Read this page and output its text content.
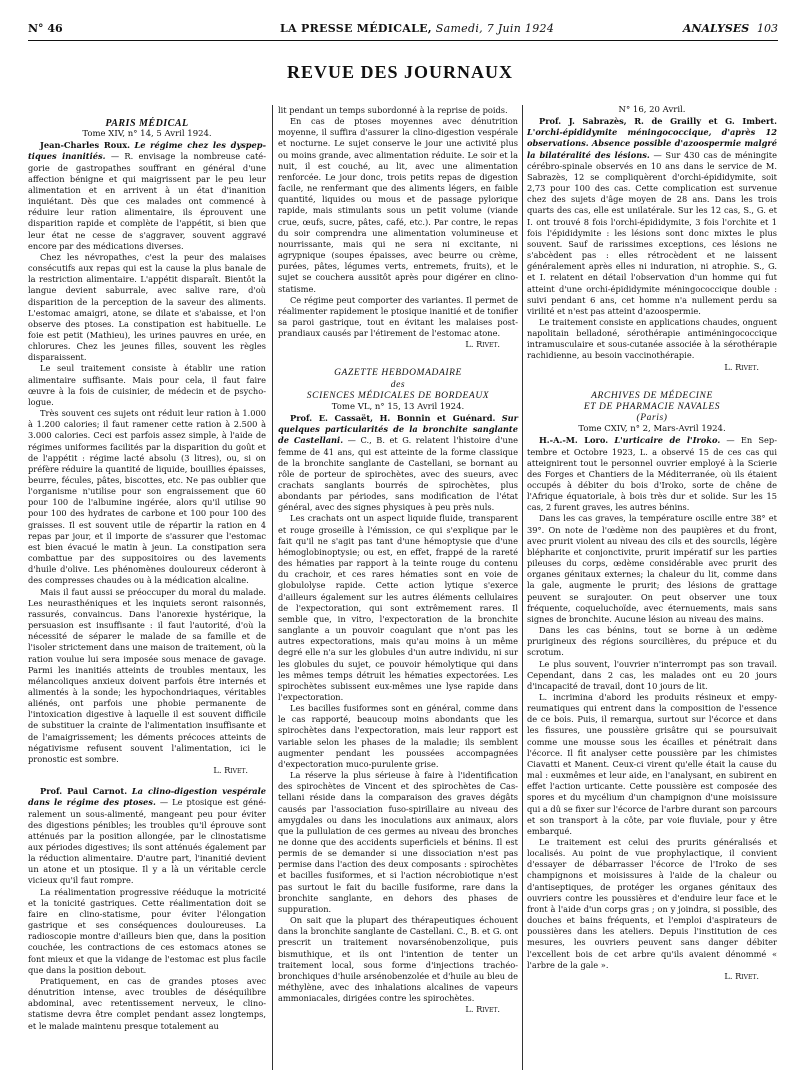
N° 46	LA PRESSE MÉDICALE, Samedi, 7 Juin 1924	ANALYSES 103
REVUE DES JOURNAUX

PARIS MÉDICAL

Tome XIV, n° 14, 5 Avril 1924.

Jean-Charles Roux. Le régime chez les dyspeptiques inanitiés. — R. envisage la nombreuse catégorie de gastropathes souffrant en général d'une affection bénigne et qui maigrissent par le peu leur alimentation et en arrivent à un état d'inanition inquiétant. Dès que ces malades ont commencé à réduire leur ration alimentaire, ils éprouvent une disparition rapide et complète de l'appétit, si bien que leur état ne cesse de s'aggraver, souvent aggravé encore par des médications diverses.

Chez les névropathes, c'est la peur des malaises consécutifs aux repas qui est la cause la plus banale de la restriction alimentaire. L'appétit disparaît. Bientôt la langue devient saburrale, avec salive rare, d'où disparition de la perception de la saveur des aliments. L'estomac amaigri, atone, se dilate et s'abaisse, et l'on observe des ptoses. La constipation est habituelle. Le foie est petit (Mathieu), les urines pauvres en urée, en chlorures. Chez les jeunes filles, souvent les règles disparaissent.

Le seul traitement consiste à établir une ration alimentaire suffisante. Mais pour cela, il faut faire œuvre à la fois de cuisinier, de médecin et de psychologue.

Très souvent ces sujets ont réduit leur ration à 1.000 à 1.200 calories; il faut ramener cette ration à 2.500 à 3.000 calories. Ceci est parfois assez simple, à l'aide de régimes uniformes facilités par la disparition du goût et de l'appétit : régime lacté absolu (3 litres), ou, si on préfère réduire la quantité de liquide, bouillies épaisses, beurre, fécules, pâtes, biscottes, etc. Ne pas oublier que l'organisme n'utilise pour son engraissement que 60 pour 100 de l'albumine ingérée, alors qu'il utilise 90 pour 100 des hydrates de carbone et 100 pour 100 des graisses. Il est souvent utile de répartir la ration en 4 repas par jour, et il importe de s'assurer que l'estomac est bien évacué le matin à jeun. La constipation sera combattue par des suppositoires ou des lavements d'huile d'olive. Les phénomènes douloureux céderont à des compresses chaudes ou à la médication alcaline.

Mais il faut aussi se préoccuper du moral du malade. Les neurasthéniques et les inquiets seront raisonnés, rassurés, convaincus. Dans l'anorexie hystérique, la persuasion est insuffisante : il faut l'autorité, d'où la nécessité de séparer le malade de sa famille et de l'isoler strictement dans une maison de traitement, où la ration voulue lui sera imposée sous menace de gavage. Parmi les inanitiés atteints de troubles mentaux, les mélancoliques anxieux doivent parfois être internés et alimentés à la sonde; les hypochondriaques, véritables aliénés, ont parfois une phobie permanente de l'intoxication digestive à laquelle il est souvent difficile de substituer la crainte de l'alimentation insuffisante et de l'amaigrissement; les déments précoces atteints de négativisme refusent souvent l'alimentation, ici le pronostic est sombre.

L. Rivet.

Prof. Paul Carnot. La clino-digestion vespérale dans le régime des ptoses. — Le ptosique est généralement un sous-alimenté, mangeant peu pour éviter des digestions pénibles; les troubles qu'il éprouve sont atténués par la position allongée, par le clinostatisme aux périodes digestives; ils sont atténués également par la réduction alimentaire. D'autre part, l'inanitié devient un atone et un ptosique. Il y a là un véritable cercle vicieux qu'il faut rompre.

La réalimentation progressive rééduque la motricité et la tonicité gastriques. Cette réalimentation doit se faire en clino-statisme, pour éviter l'élongation gastrique et ses conséquences douloureuses. La radioscopie montre d'ailleurs bien que, dans la position couchée, les contractions de ces estomacs atones se font mieux et que la vidange de l'estomac est plus facile que dans la position debout.

Pratiquement, en cas de grandes ptoses avec dénutrition intense, avec troubles de déséquilibre abdominal, avec retentissement nerveux, le clinostatisme devra être complet pendant assez longtemps, et le malade maintenu presque totalement au

lit pendant un temps subordonné à la reprise de poids.

En cas de ptoses moyennes avec dénutrition moyenne, il suffira d'assurer la clino-digestion vespérale et nocturne. Le sujet conserve le jour une activité plus ou moins grande, avec alimentation réduite. Le soir et la nuit, il est couché, au lit, avec une alimentation renforcée. Le jour donc, trois petits repas de digestion facile, ne renfermant que des aliments légers, en faible quantité, liquides ou mous et de passage pylorique rapide, mais stimulants sous un petit volume (viande crue, œufs, sucre, pâtes, café, etc.). Par contre, le repas du soir comprendra une alimentation volumineuse et nourrissante, mais qui ne sera ni excitante, ni agrypnique (soupes épaisses, avec beurre ou crème, purées, pâtes, légumes verts, entremets, fruits), et le sujet se couchera aussitôt après pour digérer en clinostatisme.

Ce régime peut comporter des variantes. Il permet de réalimenter rapidement le ptosique inanitié et de tonifier sa paroi gastrique, tout en évitant les malaises post-prandiaux causés par l'étirement de l'estomac atone.

L. Rivet.

GAZETTE HEBDOMADAIRE

des

SCIENCES MÉDICALES DE BORDEAUX

Tome VL, n° 15, 13 Avril 1924.

Prof. E. Cassaët, H. Bonnin et Guénard. Sur quelques particularités de la bronchite sanglante de Castellani. — C., B. et G. relatent l'histoire d'une femme de 41 ans, qui est atteinte de la forme classique de la bronchite sanglante de Castellani, se bornant au rôle de porteur de spirochètes, avec des sueurs, avec crachats sanglants bourrés de spirochètes, plus abondants par périodes, sans modification de l'état général, avec des signes physiques à peu près nuls.

Les crachats ont un aspect liquide fluide, transparent et rouge groseille à l'émission, ce qui s'explique par le fait qu'il ne s'agit pas tant d'une hémoptysie que d'une hémoglobinoptysie; ou est, en effet, frappé de la rareté des hématies par rapport à la teinte rouge du contenu du crachoir, et ces rares hématies sont en voie de globulolyse rapide. Cette action lytique s'exerce d'ailleurs également sur les autres éléments cellulaires de l'expectoration, qui sont extrêmement rares. Il semble que, in vitro, l'expectoration de la bronchite sanglante a un pouvoir coagulant que n'ont pas les autres expectorations, mais qu'au moins à un même degré elle n'a sur les globules d'un autre individu, ni sur les globules du sujet, ce pouvoir hémolytique qui dans les mêmes temps détruit les hématies expectorées. Les spirochètes subissent eux-mêmes une lyse rapide dans l'expectoration.

Les bacilles fusiformes sont en général, comme dans le cas rapporté, beaucoup moins abondants que les spirochètes dans l'expectoration, mais leur rapport est variable selon les phases de la maladie; ils semblent augmenter pendant les poussées accompagnées d'expectoration muco-purulente grise.

La réserve la plus sérieuse à faire à l'identification des spirochètes de Vincent et des spirochètes de Castellani réside dans la comparaison des graves dégâts causés par l'association fuso-spirillaire au niveau des amygdales ou dans les inoculations aux animaux, alors que la pullulation de ces germes au niveau des bronches ne donne que des accidents superficiels et bénins. Il est permis de se demander si une dissociation n'est pas permise dans l'action des deux composants : spirochètes et bacilles fusiformes, et si l'action nécrobiotique n'est pas surtout le fait du bacille fusiforme, rare dans la bronchite sanglante, en dehors des phases de suppuration.

On sait que la plupart des thérapeutiques échouent dans la bronchite sanglante de Castellani. C., B. et G. ont prescrit un traitement novarsénobenzolique, puis bismuthique, et ils ont l'intention de tenter un traitement local, sous forme d'injections trachéobronchiques d'huile arsénobenzolée et d'huile au bleu de méthylène, avec des inhalations alcalines de vapeurs ammoniacales, dirigées contre les spirochètes.

L. Rivet.

N° 16, 20 Avril.

Prof. J. Sabrazès, R. de Grailly et G. Imbert. L'orchi-épididymite méningococcique, d'après 12 observations. Absence possible d'azoospermie malgré la bilatéralité des lésions. — Sur 430 cas de méningite cérébro-spinale observés en 10 ans dans le service de M. Sabrazès, 12 se compliquèrent d'orchi-épididymite, soit 2,73 pour 100 des cas. Cette complication est survenue chez des sujets d'âge moyen de 28 ans. Dans les trois quarts des cas, elle est unilatérale. Sur les 12 cas, S., G. et I. ont trouvé 8 fois l'orchi-épididymite, 3 fois l'orchite et 1 fois l'épididymite : les lésions sont donc mixtes le plus souvent. Sauf de rarissimes exceptions, ces lésions ne s'abcèdent pas : elles rétrocèdent et ne laissent généralement après elles ni induration, ni atrophie. S., G. et I. relatent en détail l'observation d'un homme qui fut atteint d'une orchi-épididymite méningococcique double : suivi pendant 6 ans, cet homme n'a nullement perdu sa virilité et n'est pas atteint d'azoospermie.

Le traitement consiste en applications chaudes, onguent napolitain belladoné, sérothérapie antiméningococcique intramusculaire et sous-cutanée associée à la sérothérapie rachidienne, au besoin vaccinothérapie.

L. Rivet.

ARCHIVES DE MÉDECINE

ET DE PHARMACIE NAVALES

(Paris)

Tome CXIV, n° 2, Mars-Avril 1924.

H.-A.-M. Loro. L'urticaire de l'Iroko. — En Septembre et Octobre 1923, L. a observé 15 de ces cas qui atteignirent tout le personnel ouvrier employé à la Scierie des Forges et Chantiers de la Méditerranée, où ils étaient occupés à débiter du bois d'Iroko, sorte de chêne de l'Afrique équatoriale, à bois très dur et solide. Sur les 15 cas, 2 furent graves, les autres bénins.

Dans les cas graves, la température oscille entre 38° et 39°. On note de l'œdème non des paupières et du front, avec prurit violent au niveau des cils et des sourcils, légère blépharite et conjonctivite, prurit impératif sur les parties pileuses du corps, œdème considérable avec prurit des organes génitaux externes; la chaleur du lit, comme dans la gale, augmente le prurit; des lésions de grattage peuvent se surajouter. On peut observer une toux fréquente, coqueluchoïde, avec éternuements, mais sans signes de bronchite. Aucune lésion au niveau des mains.

Dans les cas bénins, tout se borne à un œdème prurigineux des régions sourcilières, du prépuce et du scrotum.

Le plus souvent, l'ouvrier n'interrompt pas son travail. Cependant, dans 2 cas, les malades ont eu 20 jours d'incapacité de travail, dont 10 jours de lit.

L. incrimina d'abord les produits résineux et empyreumatiques qui entrent dans la composition de l'essence de ce bois. Puis, il remarqua, surtout sur l'écorce et dans les fissures, une poussière grisâtre qui se poursuivait comme une mousse sous les écailles et pénétrait dans l'écorce. Il fit analyser cette poussière par les chimistes Ciavatti et Manent. Ceux-ci virent qu'elle était la cause du mal : euxmêmes et leur aide, en l'analysant, en subirent en effet l'action urticante. Cette poussière est composée des spores et du mycélium d'un champignon d'une moisissure qui a dû se fixer sur l'écorce de l'arbre durant son parcours et son transport à la côte, par voie fluviale, pour y être embarqué.

Le traitement est celui des prurits généralisés et localisés. Au point de vue prophylactique, il convient d'essayer de débarrasser l'écorce de l'Iroko de ses champignons et moisissures à l'aide de la chaleur ou d'antiseptiques, de protéger les organes génitaux des ouvriers contre les poussières et d'enduire leur face et le front à l'aide d'un corps gras ; on y joindra, si possible, des douches et bains fréquents, et l'emploi d'aspirateurs de poussières dans les ateliers. Depuis l'institution de ces mesures, les ouvriers peuvent sans danger débiter l'excellent bois de cet arbre qu'ils avaient dénommé « l'arbre de la gale ».

L. Rivet.
